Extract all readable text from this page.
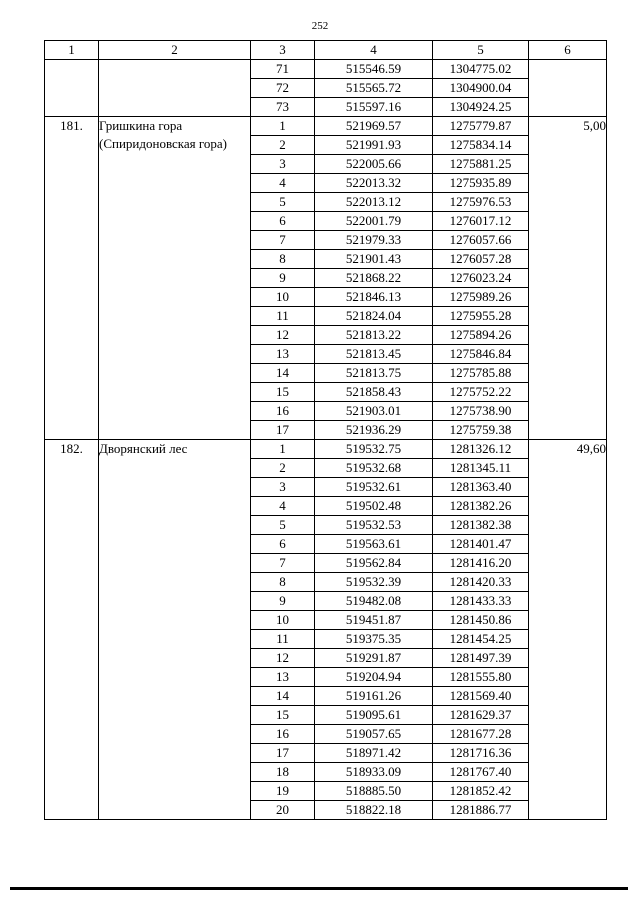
252
1	2	3	4	5	6
		71	515546.59	1304775.02	
		72	515565.72	1304900.04	
		73	515597.16	1304924.25	
181.	Гришкина гора (Спиридоновская гора)	1	521969.57	1275779.87	5,00
		2	521991.93	1275834.14	
		3	522005.66	1275881.25	
		4	522013.32	1275935.89	
		5	522013.12	1275976.53	
		6	522001.79	1276017.12	
		7	521979.33	1276057.66	
		8	521901.43	1276057.28	
		9	521868.22	1276023.24	
		10	521846.13	1275989.26	
		11	521824.04	1275955.28	
		12	521813.22	1275894.26	
		13	521813.45	1275846.84	
		14	521813.75	1275785.88	
		15	521858.43	1275752.22	
		16	521903.01	1275738.90	
		17	521936.29	1275759.38	
182.	Дворянский лес	1	519532.75	1281326.12	49,60
		2	519532.68	1281345.11	
		3	519532.61	1281363.40	
		4	519502.48	1281382.26	
		5	519532.53	1281382.38	
		6	519563.61	1281401.47	
		7	519562.84	1281416.20	
		8	519532.39	1281420.33	
		9	519482.08	1281433.33	
		10	519451.87	1281450.86	
		11	519375.35	1281454.25	
		12	519291.87	1281497.39	
		13	519204.94	1281555.80	
		14	519161.26	1281569.40	
		15	519095.61	1281629.37	
		16	519057.65	1281677.28	
		17	518971.42	1281716.36	
		18	518933.09	1281767.40	
		19	518885.50	1281852.42	
		20	518822.18	1281886.77	
